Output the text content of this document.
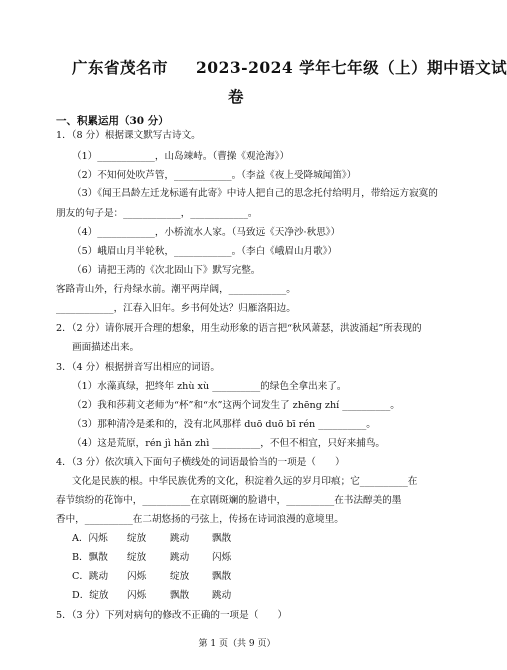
广东省茂名市 2023-2024 学年七年级（上）期中语文试
卷
一、积累运用（30 分）
1．（8 分）根据课文默写古诗文。
（1）____________，山岛竦峙。（曹操《观沧海》）
（2）不知何处吹芦管，____________。（李益《夜上受降城闻笛》）
（3）《闻王昌龄左迁龙标遥有此寄》中诗人把自己的思念托付给明月，带给远方寂寞的
朋友的句子是：____________，____________。
（4）____________，小桥流水人家。（马致远《天净沙·秋思》）
（5）峨眉山月半轮秋，____________。（李白《峨眉山月歌》）
（6）请把王湾的《次北固山下》默写完整。
客路青山外，行舟绿水前。潮平两岸阔，____________。
____________，江春入旧年。乡书何处达？归雁洛阳边。
2．（2 分）请你展开合理的想象，用生动形象的语言把“秋风萧瑟，洪波涌起”所表现的
画面描述出来。
3．（4 分）根据拼音写出相应的词语。
（1）水藻真绿，把终年 zhù xù __________的绿色全拿出来了。
（2）我和莎莉文老师为“杯”和“水”这两个词发生了 zhēng zhí __________。
（3）那种清冷是柔和的，没有北风那样 duō duō bī rén __________。
（4）这是荒原，rén jì hǎn zhì __________，不但不相宜，只好来捕鸟。
4．（3 分）依次填入下面句子横线处的词语最恰当的一项是（　　）
文化是民族的根。中华民族优秀的文化，积淀着久远的岁月印痕；它__________在
春节缤纷的花饰中，__________在京剧斑斓的脸谱中，__________在书法醇美的墨
香中，__________在二胡悠扬的弓弦上，传扬在诗词浪漫的意境里。
A．闪烁 绽放 跳动 飘散
B．飘散 绽放 跳动 闪烁
C．跳动 闪烁 绽放 飘散
D．绽放 闪烁 飘散 跳动
5．（3 分）下列对病句的修改不正确的一项是（　　）
第 1 页（共 9 页）
